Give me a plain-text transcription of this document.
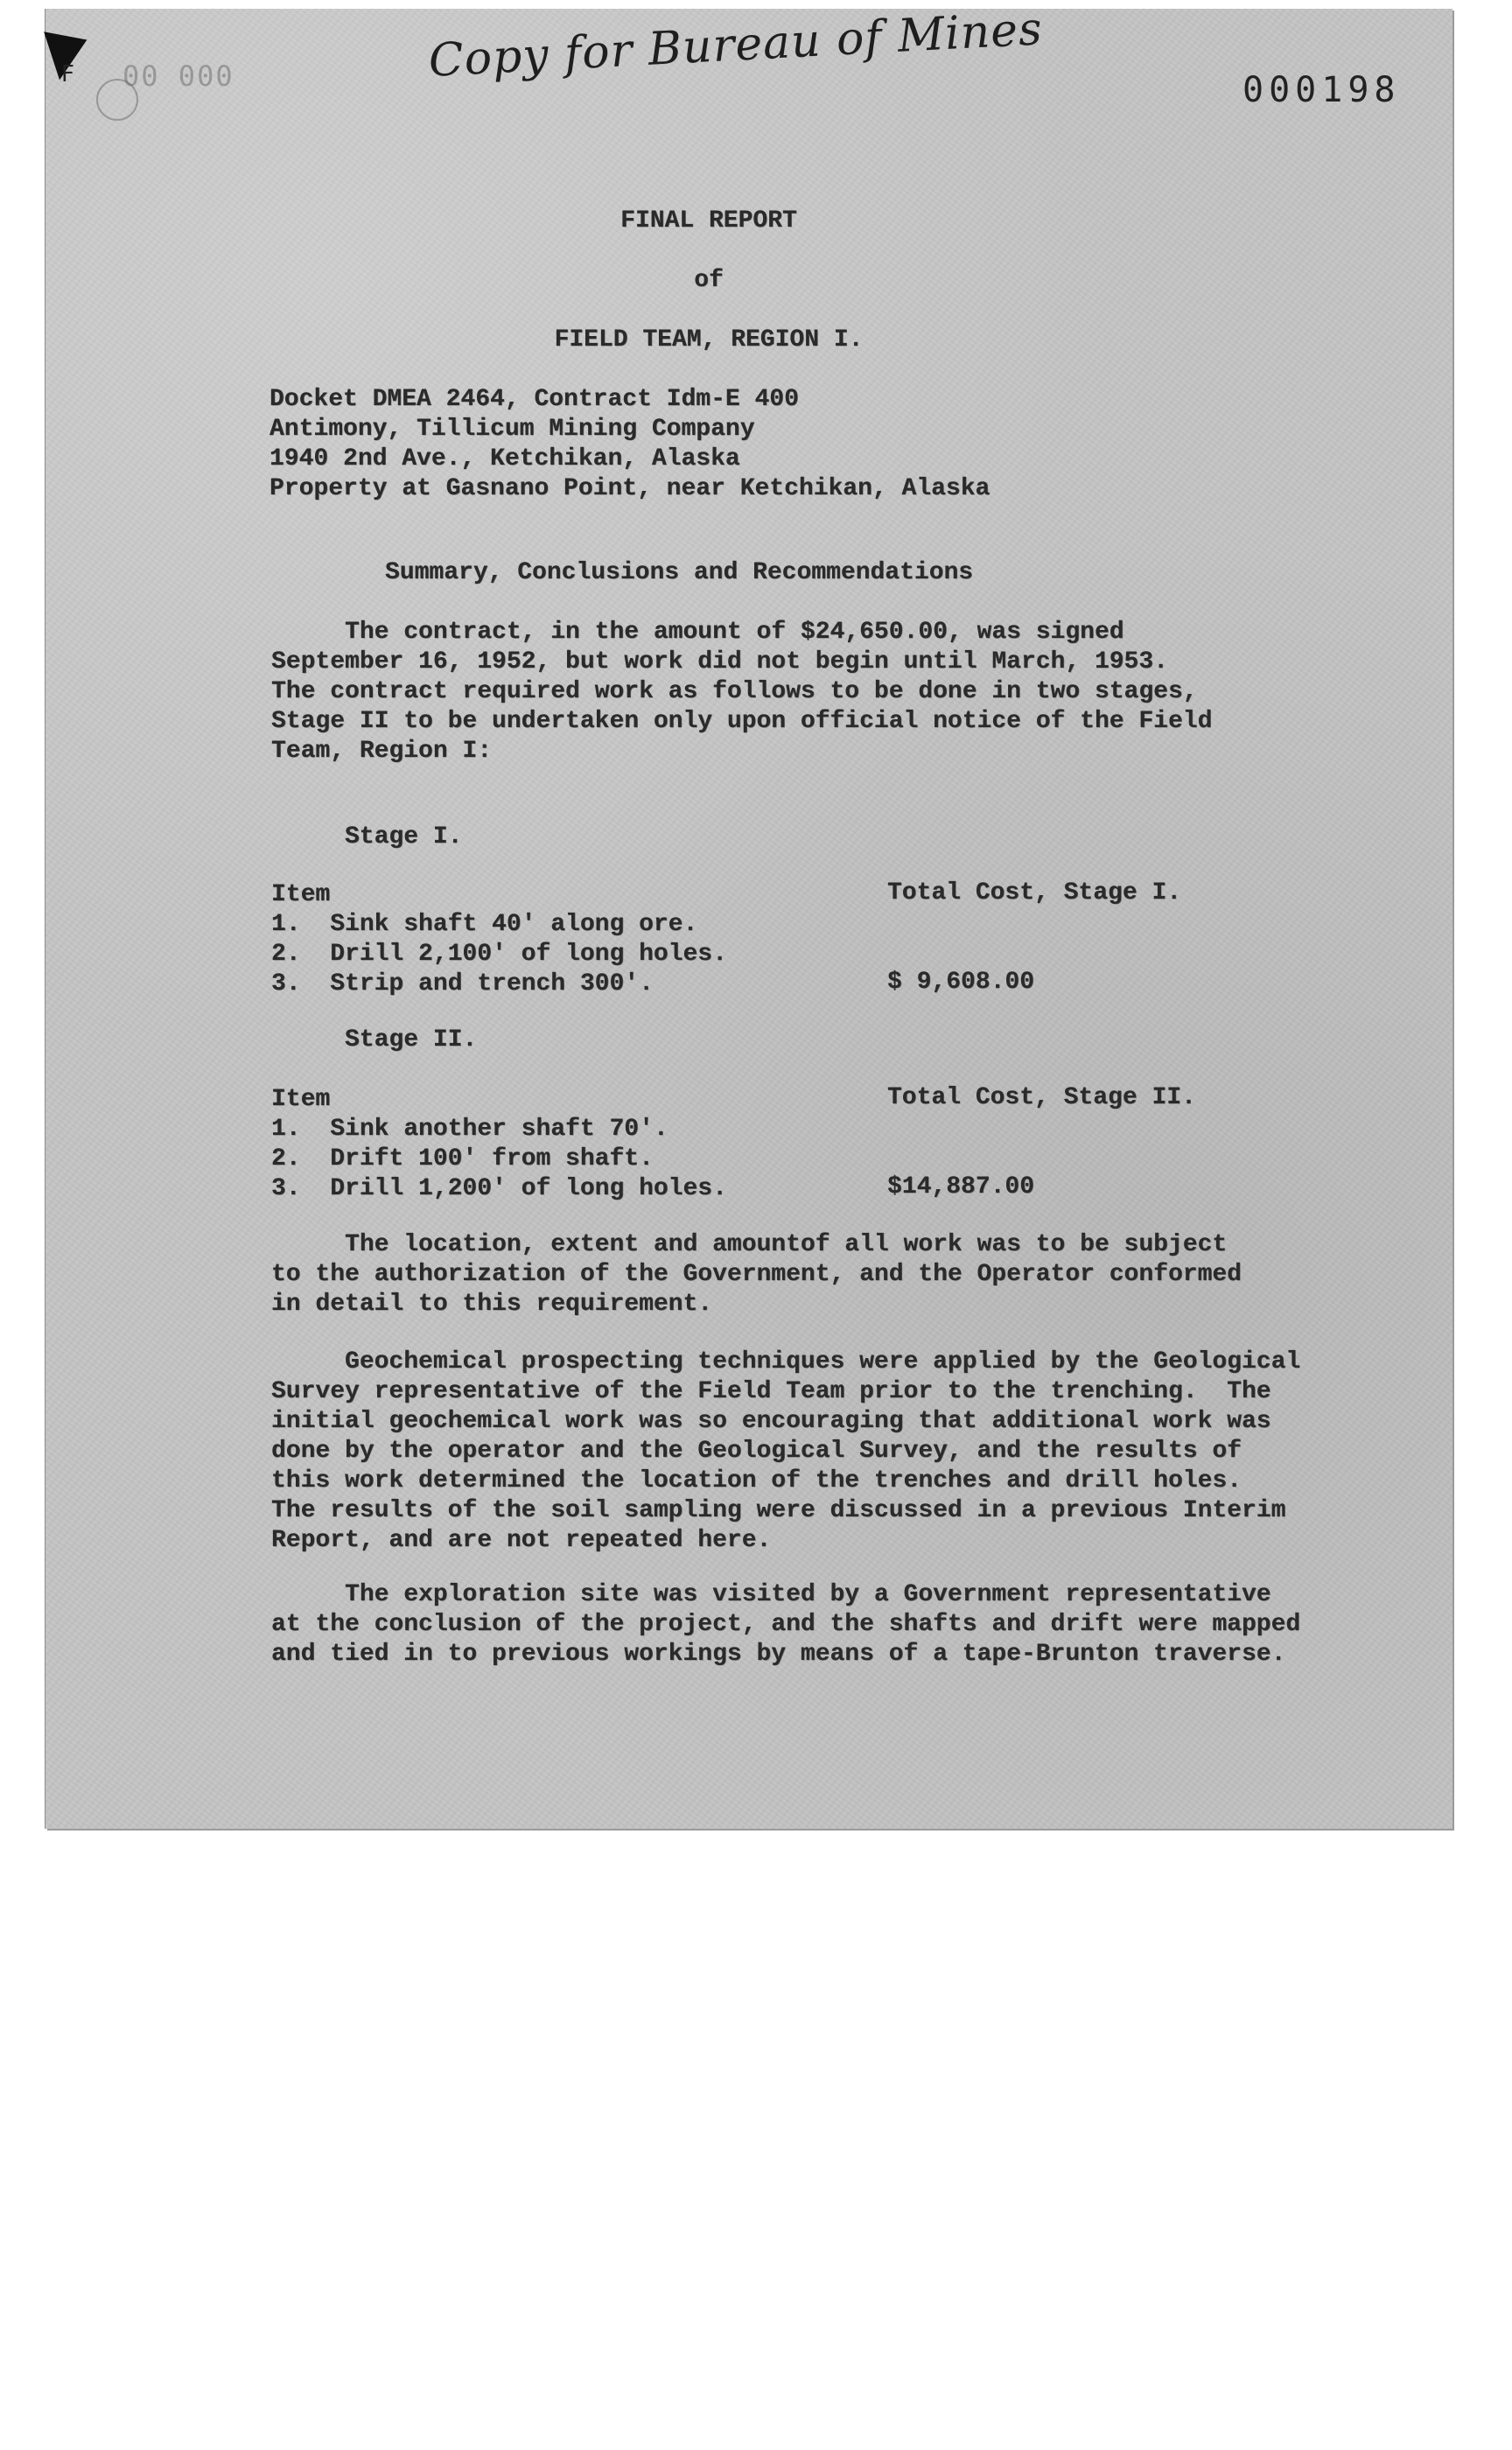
F 00 000	Copy for Bureau of Mines
000198
FINAL REPORT
of
FIELD TEAM, REGION I.
Docket DMEA 2464, Contract Idm-E 400
Antimony, Tillicum Mining Company
1940 2nd Ave., Ketchikan, Alaska
Property at Gasnano Point, near Ketchikan, Alaska
Summary, Conclusions and Recommendations
The contract, in the amount of $24,650.00, was signed
September 16, 1952, but work did not begin until March, 1953.
The contract required work as follows to be done in two stages,
Stage II to be undertaken only upon official notice of the Field
Team, Region I:
Stage I.
Item	Total Cost, Stage I.
1.  Sink shaft 40' along ore.
2.  Drill 2,100' of long holes.
3.  Strip and trench 300'.	$ 9,608.00
Stage II.
Item	Total Cost, Stage II.
1.  Sink another shaft 70'.
2.  Drift 100' from shaft.
3.  Drill 1,200' of long holes.	$14,887.00
The location, extent and amountof all work was to be subject
to the authorization of the Government, and the Operator conformed
in detail to this requirement.
Geochemical prospecting techniques were applied by the Geological
Survey representative of the Field Team prior to the trenching.  The
initial geochemical work was so encouraging that additional work was
done by the operator and the Geological Survey, and the results of
this work determined the location of the trenches and drill holes.
The results of the soil sampling were discussed in a previous Interim
Report, and are not repeated here.
The exploration site was visited by a Government representative
at the conclusion of the project, and the shafts and drift were mapped
and tied in to previous workings by means of a tape-Brunton traverse.
